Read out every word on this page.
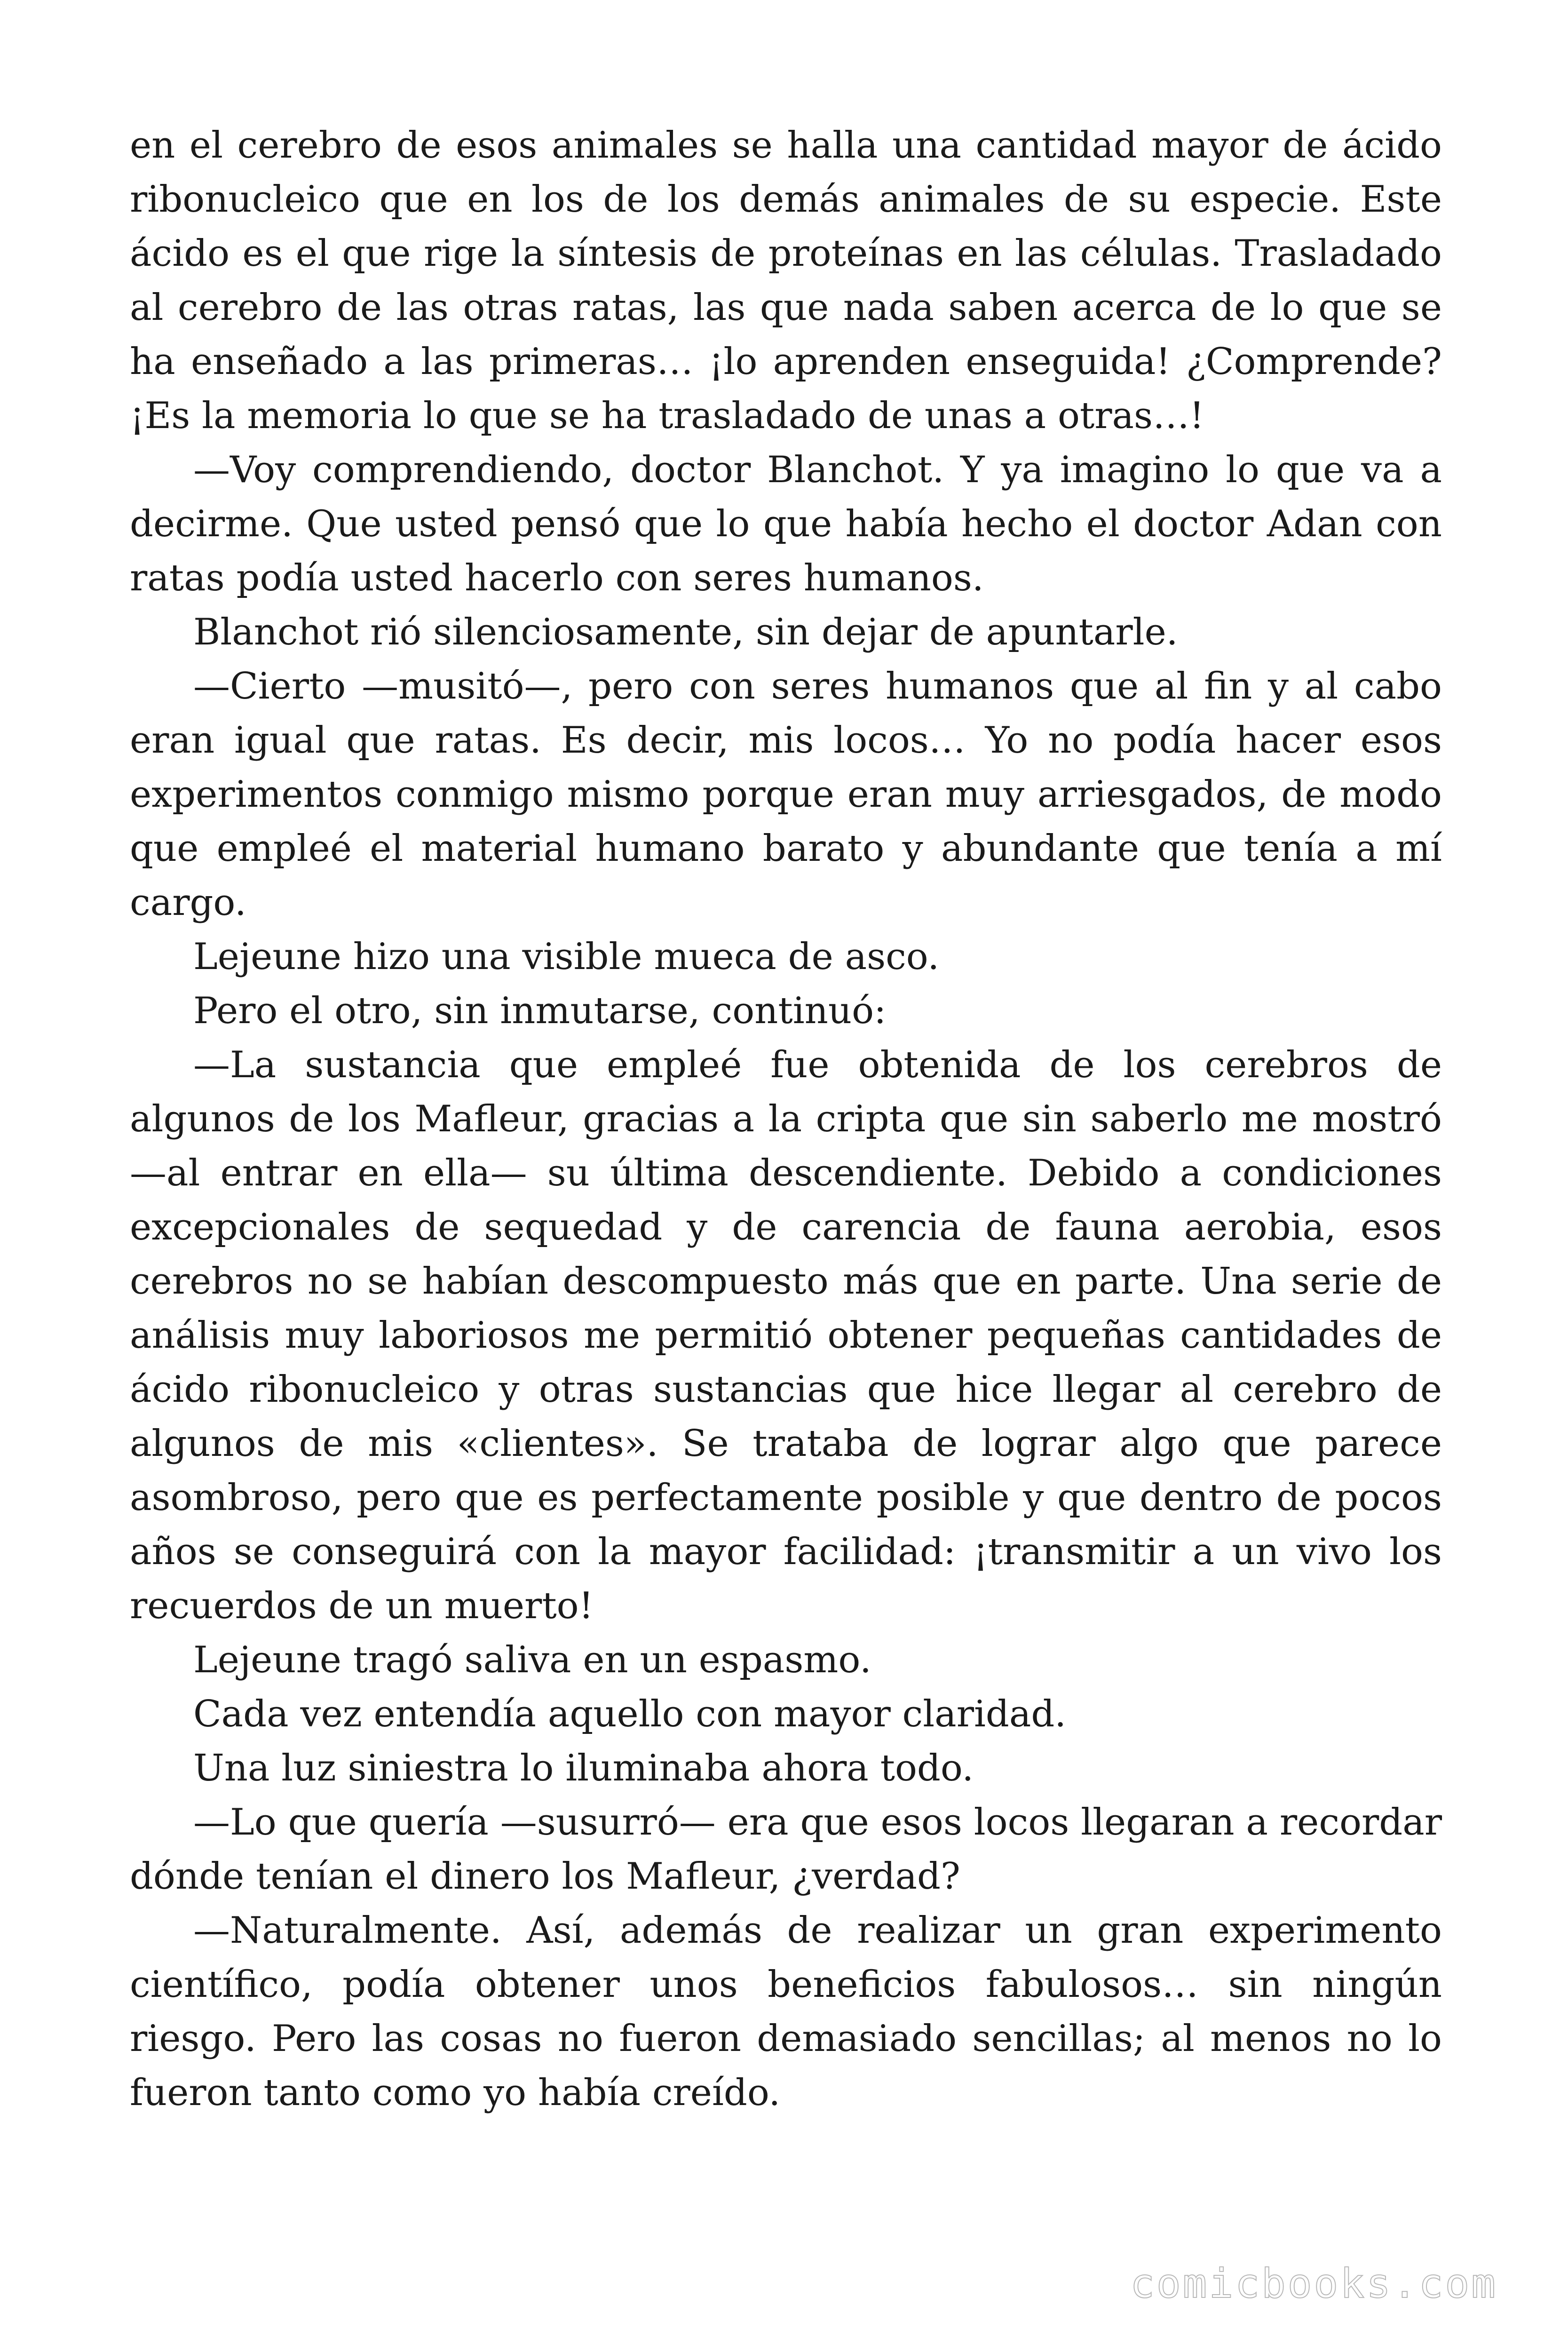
en el cerebro de esos animales se halla una cantidad mayor de ácido ribonucleico que en los de los demás animales de su especie. Este ácido es el que rige la síntesis de proteínas en las células. Trasladado al cerebro de las otras ratas, las que nada saben acerca de lo que se ha enseñado a las primeras… ¡lo aprenden enseguida! ¿Comprende? ¡Es la memoria lo que se ha trasladado de unas a otras…!

—Voy comprendiendo, doctor Blanchot. Y ya imagino lo que va a decirme. Que usted pensó que lo que había hecho el doctor Adan con ratas podía usted hacerlo con seres humanos.

Blanchot rió silenciosamente, sin dejar de apuntarle.

—Cierto —musitó—, pero con seres humanos que al fin y al cabo eran igual que ratas. Es decir, mis locos… Yo no podía hacer esos experimentos conmigo mismo porque eran muy arriesgados, de modo que empleé el material humano barato y abundante que tenía a mí cargo.

Lejeune hizo una visible mueca de asco.

Pero el otro, sin inmutarse, continuó:

—La sustancia que empleé fue obtenida de los cerebros de algunos de los Mafleur, gracias a la cripta que sin saberlo me mostró —al entrar en ella— su última descendiente. Debido a condiciones excepcionales de sequedad y de carencia de fauna aerobia, esos cerebros no se habían descompuesto más que en parte. Una serie de análisis muy laboriosos me permitió obtener pequeñas cantidades de ácido ribonucleico y otras sustancias que hice llegar al cerebro de algunos de mis «clientes». Se trataba de lograr algo que parece asombroso, pero que es perfectamente posible y que dentro de pocos años se conseguirá con la mayor facilidad: ¡transmitir a un vivo los recuerdos de un muerto!

Lejeune tragó saliva en un espasmo.

Cada vez entendía aquello con mayor claridad.

Una luz siniestra lo iluminaba ahora todo.

—Lo que quería —susurró— era que esos locos llegaran a recordar dónde tenían el dinero los Mafleur, ¿verdad?

—Naturalmente. Así, además de realizar un gran experimento científico, podía obtener unos beneficios fabulosos… sin ningún riesgo. Pero las cosas no fueron demasiado sencillas; al menos no lo fueron tanto como yo había creído.

comicbooks.com
